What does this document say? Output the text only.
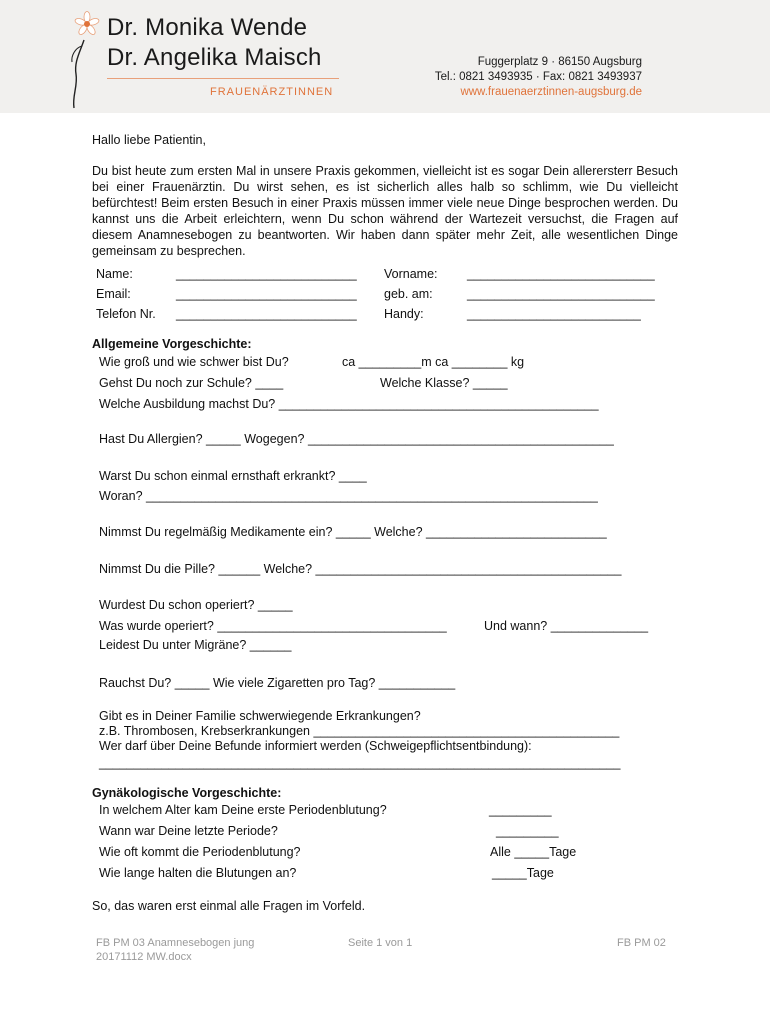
Dr. Monika Wende
Dr. Angelika Maisch
FRAUENÄRZTINNEN
Fuggerplatz 9 · 86150 Augsburg
Tel.: 0821 3493935 · Fax: 0821 3493937
www.frauenaerztinnen-augsburg.de
Hallo liebe Patientin,

Du bist heute zum ersten Mal in unsere Praxis gekommen, vielleicht ist es sogar Dein allerersterr Besuch bei einer Frauenärztin. Du wirst sehen, es ist sicherlich alles halb so schlimm, wie Du vielleicht befürchtest! Beim ersten Besuch in einer Praxis müssen immer viele neue Dinge besprochen werden. Du kannst uns die Arbeit erleichtern, wenn Du schon während der Wartezeit versuchst, die Fragen auf diesem Anamnesebogen zu beantworten. Wir haben dann später mehr Zeit, alle wesentlichen Dinge gemeinsam zu besprechen.

Name:	__________________________ Vorname: ___________________________
Email:	__________________________ geb. am:	___________________________
Telefon Nr. __________________________ Handy:	_________________________
Allgemeine Vorgeschichte:
Wie groß und wie schwer bist Du?	ca _________m ca ________ kg
Gehst Du noch zur Schule? ____	Welche Klasse? _____
Welche Ausbildung machst Du? ______________________________________________
Hast Du Allergien? _____ Wogegen? ____________________________________________
Warst Du schon einmal ernsthaft erkrankt? ____
Woran? _________________________________________________________________
Nimmst Du regelmäßig Medikamente ein? _____ Welche? __________________________
Nimmst Du die Pille? ______ Welche? ____________________________________________
Wurdest Du schon operiert? _____
Was wurde operiert? _________________________________	Und wann? ______________
Leidest Du unter Migräne? ______
Rauchst Du? _____ Wie viele Zigaretten pro Tag? ___________
Gibt es in Deiner Familie schwerwiegende Erkrankungen?
z.B. Thrombosen, Krebserkrankungen ____________________________________________
Wer darf über Deine Befunde informiert werden (Schweigepflichtsentbindung):
___________________________________________________________________________
Gynäkologische Vorgeschichte:
In welchem Alter kam Deine erste Periodenblutung?	_________
Wann war Deine letzte Periode?	_________
Wie oft kommt die Periodenblutung?	Alle _____Tage
Wie lange halten die Blutungen an?	_____Tage
So, das waren erst einmal alle Fragen im Vorfeld.
FB PM 03 Anamnesebogen jung
20171112 MW.docx
Seite 1 von 1	FB PM 02
